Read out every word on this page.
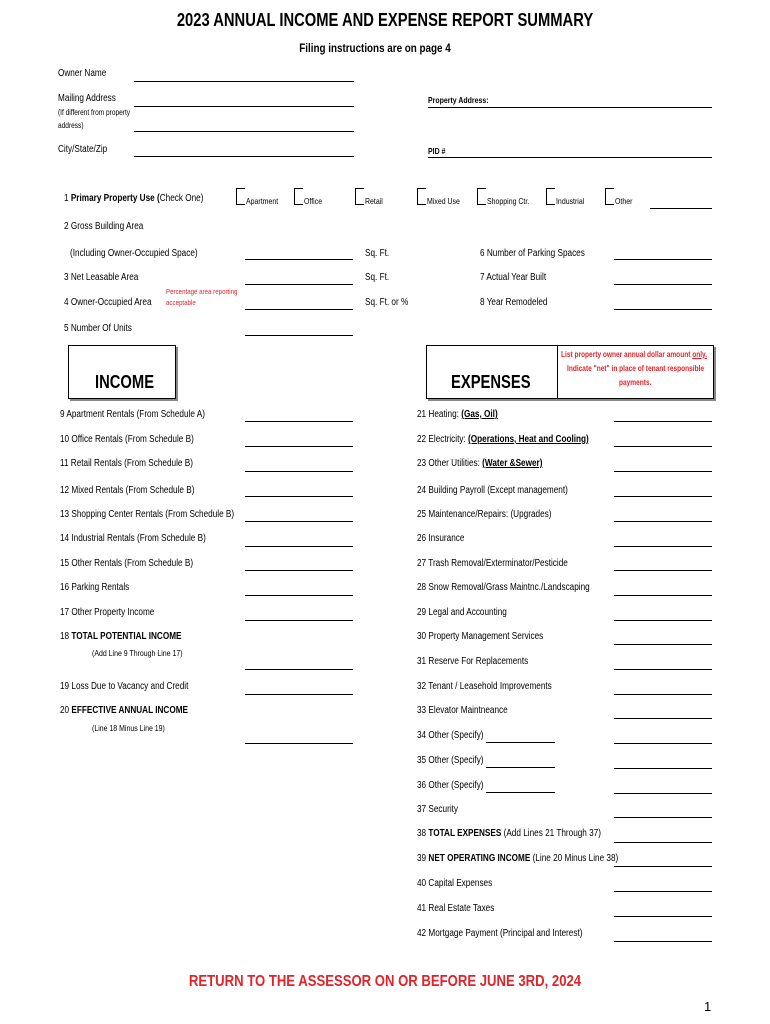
2023 ANNUAL INCOME AND EXPENSE REPORT SUMMARY
Filing instructions are on page 4
Owner Name
Mailing Address
(If different from property
address)
City/State/Zip
Property Address:
PID #
1 Primary Property Use (Check One)	Apartment	Office	Retail	Mixed Use	Shopping Ctr.	Industrial	Other
2 Gross Building Area
(Including Owner-Occupied Space)	Sq. Ft.
3 Net Leasable Area	Sq. Ft.
4 Owner-Occupied Area
Percentage area reporting
acceptable	Sq. Ft. or %
5 Number Of Units
6 Number of Parking Spaces
7 Actual Year Built
8 Year Remodeled
INCOME	EXPENSES
List property owner annual dollar amount only.
Indicate "net" in place of tenant responsible
payments.
9 Apartment Rentals (From Schedule A)
10 Office Rentals (From Schedule B)
11 Retail Rentals (From Schedule B)
12 Mixed Rentals (From Schedule B)
13 Shopping Center Rentals (From Schedule B)
14 Industrial Rentals (From Schedule B)
15 Other Rentals (From Schedule B)
16 Parking Rentals
17 Other Property Income
18 TOTAL POTENTIAL INCOME
(Add Line 9 Through Line 17)
19 Loss Due to Vacancy and Credit
20 EFFECTIVE ANNUAL INCOME
(Line 18 Minus Line 19)
21 Heating: (Gas, Oil)
22 Electricity: (Operations, Heat and Cooling)
23 Other Utilities: (Water &Sewer)
24 Building Payroll (Except management)
25 Maintenance/Repairs: (Upgrades)
26 Insurance
27 Trash Removal/Exterminator/Pesticide
28 Snow Removal/Grass Maintnc./Landscaping
29 Legal and Accounting
30 Property Management Services
31 Reserve For Replacements
32 Tenant / Leasehold Improvements
33 Elevator Maintneance
34 Other (Specify)
35 Other (Specify)
36 Other (Specify)
37 Security
38 TOTAL EXPENSES (Add Lines 21 Through 37)
39 NET OPERATING INCOME (Line 20 Minus Line 38)
40 Capital Expenses
41 Real Estate Taxes
42 Mortgage Payment (Principal and Interest)
RETURN TO THE ASSESSOR ON OR BEFORE JUNE 3RD, 2024
1
